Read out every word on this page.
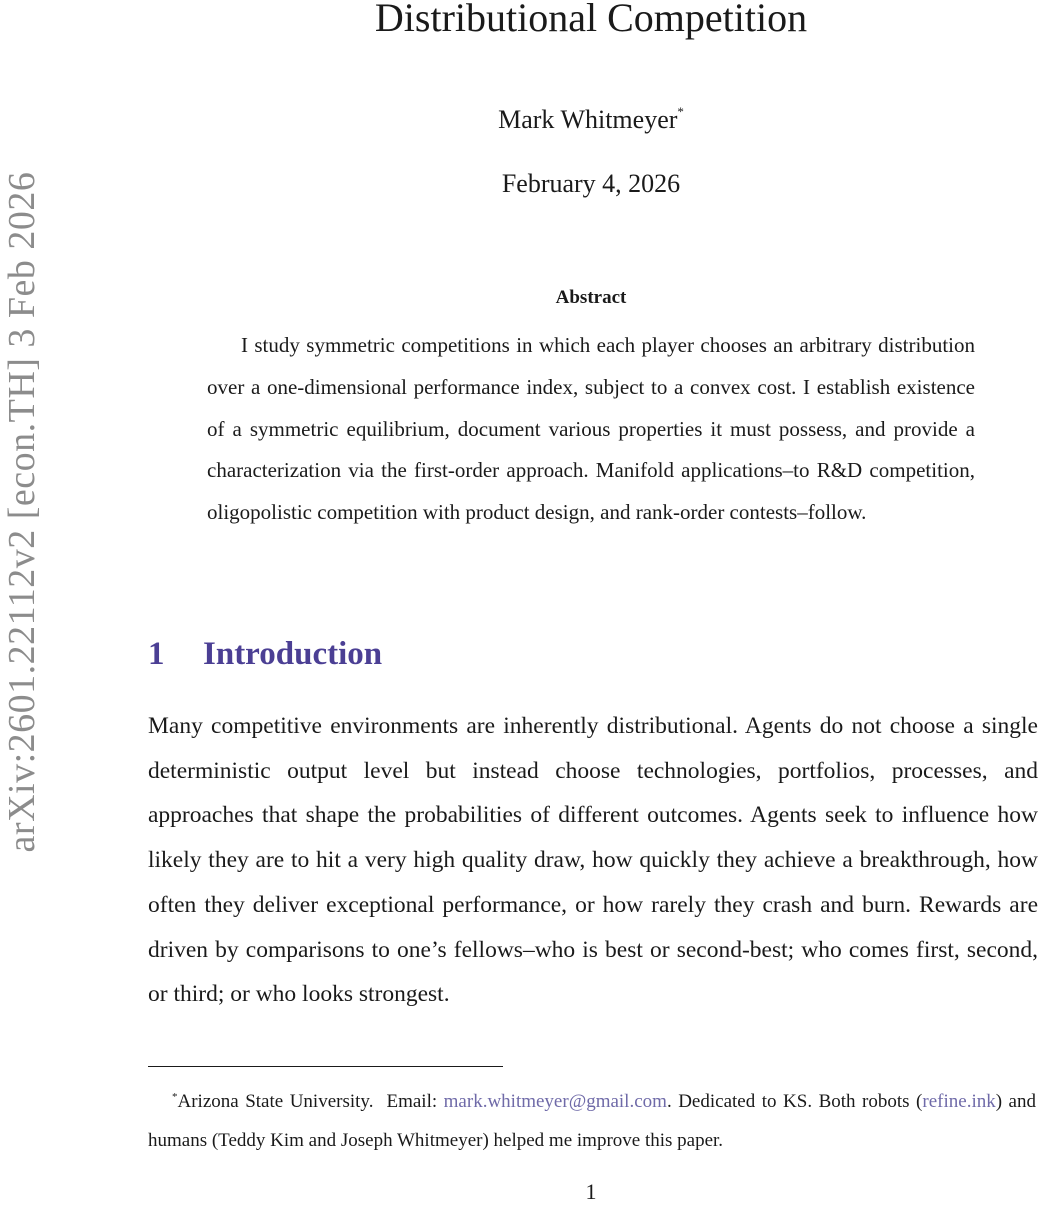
arXiv:2601.22112v2 [econ.TH] 3 Feb 2026
Distributional Competition
Mark Whitmeyer*
February 4, 2026
Abstract

I study symmetric competitions in which each player chooses an arbitrary distribution over a one-dimensional performance index, subject to a convex cost. I establish existence of a symmetric equilibrium, document various properties it must possess, and provide a characterization via the first-order approach. Manifold applications–to R&D competition, oligopolistic competition with product design, and rank-order contests–follow.

1 Introduction

Many competitive environments are inherently distributional. Agents do not choose a single deterministic output level but instead choose technologies, portfolios, processes, and approaches that shape the probabilities of different outcomes. Agents seek to influence how likely they are to hit a very high quality draw, how quickly they achieve a breakthrough, how often they deliver exceptional performance, or how rarely they crash and burn. Rewards are driven by comparisons to one’s fellows–who is best or second-best; who comes first, second, or third; or who looks strongest.

*Arizona State University. Email: mark.whitmeyer@gmail.com. Dedicated to KS. Both robots (refine.ink) and humans (Teddy Kim and Joseph Whitmeyer) helped me improve this paper.
1
